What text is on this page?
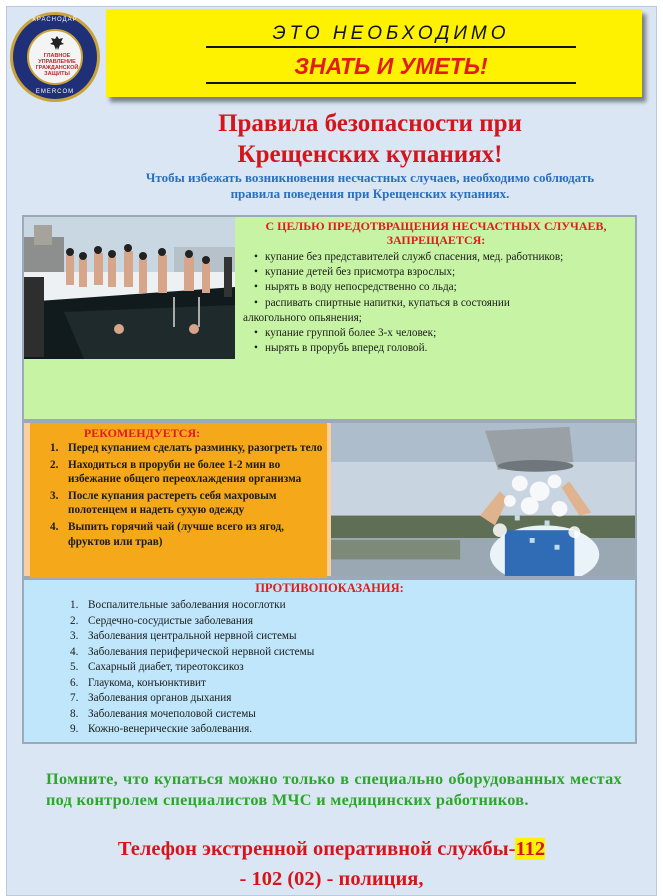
КРАСНОДАР
ГЛАВНОЕ УПРАВЛЕНИЕ ГРАЖДАНСКОЙ ЗАЩИТЫ
EMERCOM
ЭТО НЕОБХОДИМО
ЗНАТЬ И УМЕТЬ!
Правила безопасности при
Крещенских купаниях!
Чтобы избежать возникновения несчастных случаев, необходимо соблюдать правила поведения при Крещенских купаниях.
С ЦЕЛЬЮ ПРЕДОТВРАЩЕНИЯ НЕСЧАСТНЫХ СЛУЧАЕВ,
ЗАПРЕЩАЕТСЯ:
• купание без представителей служб спасения, мед. работников;
• купание детей без присмотра взрослых;
• нырять в воду непосредственно со льда;
• распивать спиртные напитки, купаться в состоянии
алкогольного опьянения;
• купание группой более 3-х человек;
• нырять в прорубь вперед головой.
РЕКОМЕНДУЕТСЯ:
1. Перед купанием сделать разминку, разогреть тело
2. Находиться в проруби не более 1-2 мин во избежание общего переохлаждения организма
3. После купания растереть себя махровым полотенцем и надеть сухую одежду
4. Выпить горячий чай (лучше всего из ягод, фруктов или трав)
ПРОТИВОПОКАЗАНИЯ:
1. Воспалительные заболевания носоглотки
2. Сердечно-сосудистые заболевания
3. Заболевания центральной нервной системы
4. Заболевания периферической нервной системы
5. Сахарный диабет, тиреотоксикоз
6. Глаукома, конъюнктивит
7. Заболевания органов дыхания
8. Заболевания мочеполовой системы
9. Кожно-венерические заболевания.
Помните, что купаться можно только в специально оборудованных местах под контролем специалистов МЧС и медицинских работников.
Телефон экстренной оперативной службы-112
- 102 (02) - полиция,
